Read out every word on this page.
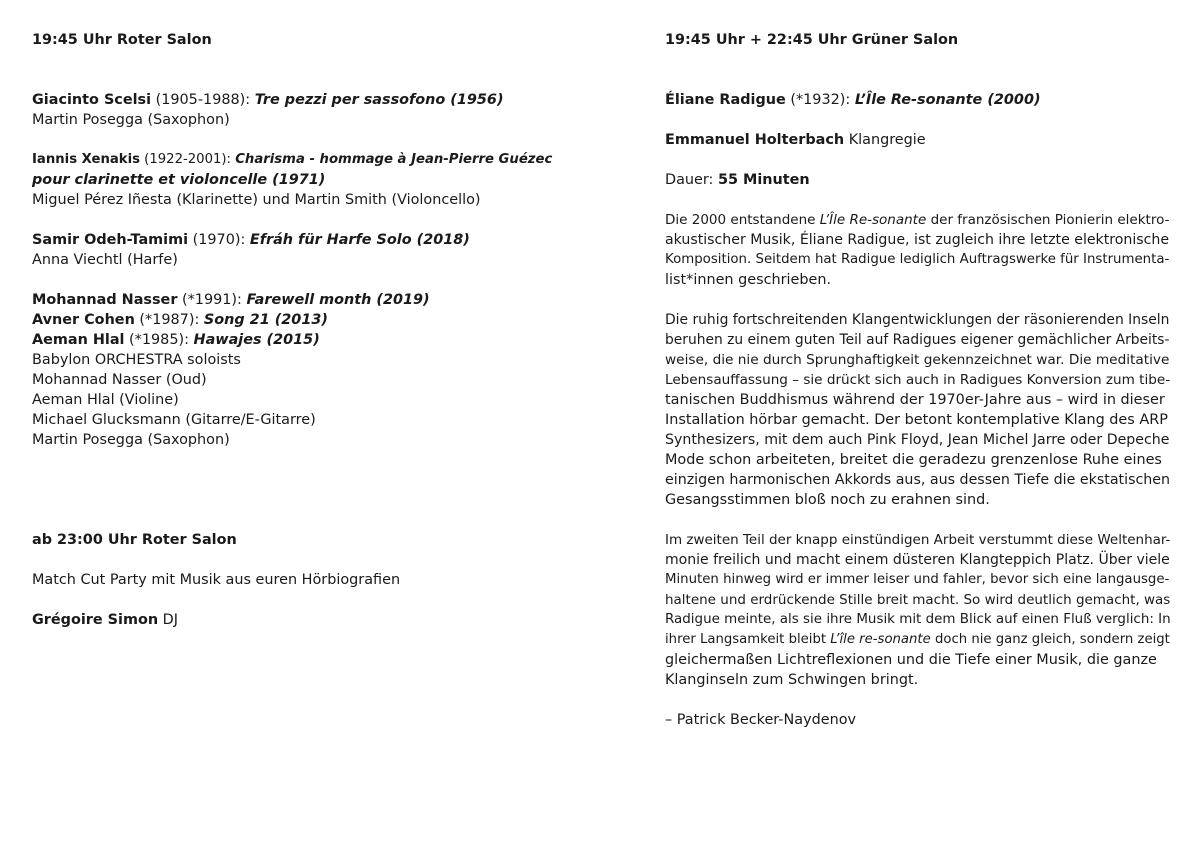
19:45 Uhr Roter Salon
Giacinto Scelsi (1905-1988): Tre pezzi per sassofono (1956)
Martin Posegga (Saxophon)
Iannis Xenakis (1922-2001): Charisma - hommage à Jean-Pierre Guézec
pour clarinette et violoncelle (1971)
Miguel Pérez Iñesta (Klarinette) und Martin Smith (Violoncello)
Samir Odeh-Tamimi (1970): Efráh für Harfe Solo (2018)
Anna Viechtl (Harfe)
Mohannad Nasser (*1991): Farewell month (2019)
Avner Cohen (*1987): Song 21 (2013)
Aeman Hlal (*1985): Hawajes (2015)
Babylon ORCHESTRA soloists
Mohannad Nasser (Oud)
Aeman Hlal (Violine)
Michael Glucksmann (Gitarre/E-Gitarre)
Martin Posegga (Saxophon)
ab 23:00 Uhr Roter Salon
Match Cut Party mit Musik aus euren Hörbiografien
Grégoire Simon DJ
19:45 Uhr + 22:45 Uhr Grüner Salon
Éliane Radigue (*1932): L’Île Re-sonante (2000)
Emmanuel Holterbach Klangregie
Dauer: 55 Minuten
Die 2000 entstandene L’Île Re-sonante der französischen Pionierin elektro-
akustischer Musik, Éliane Radigue, ist zugleich ihre letzte elektronische
Komposition. Seitdem hat Radigue lediglich Auftragswerke für Instrumenta-
list*innen geschrieben.
Die ruhig fortschreitenden Klangentwicklungen der räsonierenden Inseln
beruhen zu einem guten Teil auf Radigues eigener gemächlicher Arbeits-
weise, die nie durch Sprunghaftigkeit gekennzeichnet war. Die meditative
Lebensauffassung – sie drückt sich auch in Radigues Konversion zum tibe-
tanischen Buddhismus während der 1970er-Jahre aus – wird in dieser
Installation hörbar gemacht. Der betont kontemplative Klang des ARP
Synthesizers, mit dem auch Pink Floyd, Jean Michel Jarre oder Depeche
Mode schon arbeiteten, breitet die geradezu grenzenlose Ruhe eines
einzigen harmonischen Akkords aus, aus dessen Tiefe die ekstatischen
Gesangsstimmen bloß noch zu erahnen sind.
Im zweiten Teil der knapp einstündigen Arbeit verstummt diese Weltenhar-
monie freilich und macht einem düsteren Klangteppich Platz. Über viele
Minuten hinweg wird er immer leiser und fahler, bevor sich eine langausge-
haltene und erdrückende Stille breit macht. So wird deutlich gemacht, was
Radigue meinte, als sie ihre Musik mit dem Blick auf einen Fluß verglich: In
ihrer Langsamkeit bleibt L’île re-sonante doch nie ganz gleich, sondern zeigt
gleichermaßen Lichtreflexionen und die Tiefe einer Musik, die ganze
Klanginseln zum Schwingen bringt.
– Patrick Becker-Naydenov
